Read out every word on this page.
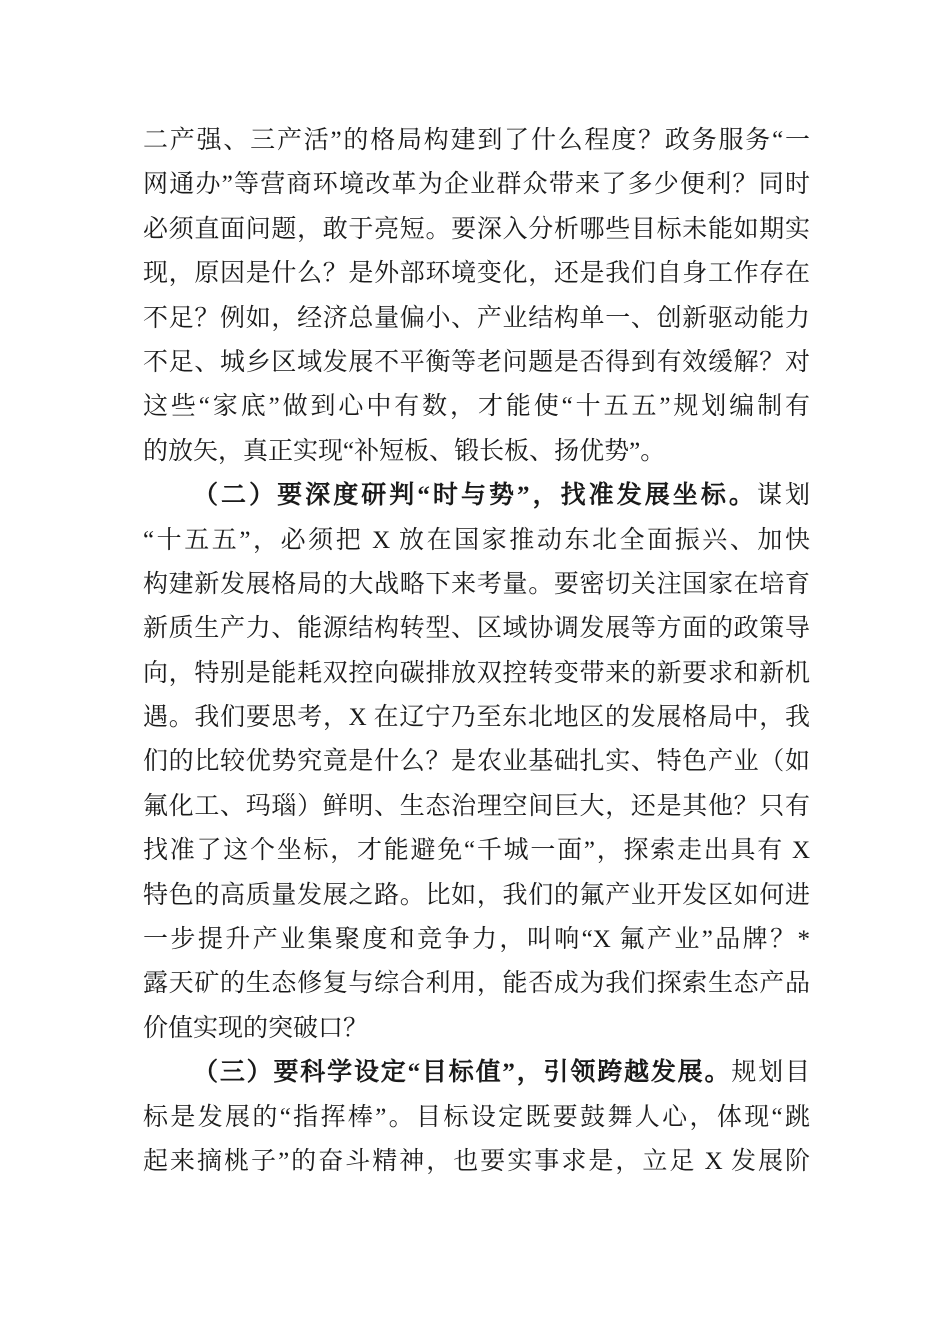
二产强、三产活”的格局构建到了什么程度？政务服务“一
网通办”等营商环境改革为企业群众带来了多少便利？同时
必须直面问题，敢于亮短。要深入分析哪些目标未能如期实
现，原因是什么？是外部环境变化，还是我们自身工作存在
不足？例如，经济总量偏小、产业结构单一、创新驱动能力
不足、城乡区域发展不平衡等老问题是否得到有效缓解？对
这些“家底”做到心中有数，才能使“十五五”规划编制有
的放矢，真正实现“补短板、锻长板、扬优势”。
（二）要深度研判“时与势”，找准发展坐标。谋划
“十五五”，必须把 X 放在国家推动东北全面振兴、加快
构建新发展格局的大战略下来考量。要密切关注国家在培育
新质生产力、能源结构转型、区域协调发展等方面的政策导
向，特别是能耗双控向碳排放双控转变带来的新要求和新机
遇。我们要思考，X 在辽宁乃至东北地区的发展格局中，我
们的比较优势究竟是什么？是农业基础扎实、特色产业（如
氟化工、玛瑙）鲜明、生态治理空间巨大，还是其他？只有
找准了这个坐标，才能避免“千城一面”，探索走出具有 X
特色的高质量发展之路。比如，我们的氟产业开发区如何进
一步提升产业集聚度和竞争力，叫响“X 氟产业”品牌？*
露天矿的生态修复与综合利用，能否成为我们探索生态产品
价值实现的突破口？
（三）要科学设定“目标值”，引领跨越发展。规划目
标是发展的“指挥棒”。目标设定既要鼓舞人心，体现“跳
起来摘桃子”的奋斗精神，也要实事求是，立足 X 发展阶
